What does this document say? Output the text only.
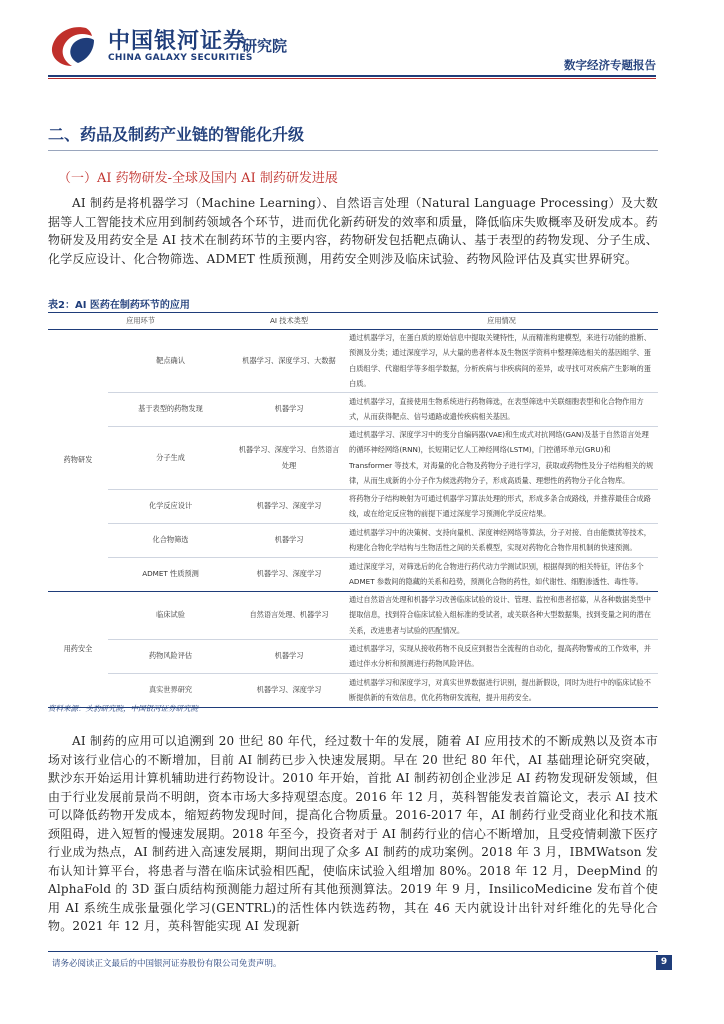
中国银河证券
CHINA GALAXY SECURITIES
研究院
数字经济专题报告
二、药品及制药产业链的智能化升级
（一）AI 药物研发-全球及国内 AI 制药研发进展
AI 制药是将机器学习（Machine Learning）、自然语言处理（Natural Language Processing）及大数据等人工智能技术应用到制药领域各个环节，进而优化新药研发的效率和质量，降低临床失败概率及研发成本。药物研发及用药安全是 AI 技术在制药环节的主要内容，药物研发包括靶点确认、基于表型的药物发现、分子生成、化学反应设计、化合物筛选、ADMET 性质预测，用药安全则涉及临床试验、药物风险评估及真实世界研究。
表2：AI 医药在制药环节的应用
应用环节		AI 技术类型	应用情况
药物研发	靶点确认	机器学习、深度学习、大数据	通过机器学习，在蛋白质的原始信息中提取关键特性，从而精准构建模型，来进行功能的推断、预测及分类；通过深度学习，从大量的患者样本及生物医学资料中整理筛选相关的基因组学、蛋白质组学、代谢组学等多组学数据，分析疾病与非疾病间的差异，或寻找可对疾病产生影响的蛋白质。
	基于表型的药物发现	机器学习	通过机器学习，直接使用生物系统进行药物筛选，在表型筛选中关联细胞表型和化合物作用方式，从而获得靶点、信号通路或遗传疾病相关基因。
	分子生成	机器学习、深度学习、自然语言处理	通过机器学习、深度学习中的变分自编码器(VAE)和生成式对抗网络(GAN)及基于自然语言处理的循环神经网络(RNN)，长短期记忆人工神经网络(LSTM)，门控循环单元(GRU)和 Transformer 等技术，对海量的化合物及药物分子进行学习，获取或药物性及分子结构相关的规律，从而生成新的小分子作为候选药物分子，形成高质量、理想性的药物分子化合物库。
	化学反应设计	机器学习、深度学习	将药物分子结构映射为可通过机器学习算法处理的形式，形成多条合成路线，并推荐最佳合成路线，或在给定反应物的前提下通过深度学习预测化学反应结果。
	化合物筛选	机器学习	通过机器学习中的决策树、支持向量机、深度神经网络等算法，分子对接、自由能微扰等技术，构建化合物化学结构与生物活性之间的关系模型，实现对药物化合物作用机制的快速预测。
	ADMET 性质预测	机器学习、深度学习	通过深度学习，对筛选后的化合物进行药代动力学测试识别，根据得到的相关特征，评估多个 ADMET 参数间的隐藏的关系和趋势，预测化合物的药性，如代谢性、细胞渗透性、毒性等。
用药安全	临床试验	自然语言处理、机器学习	通过自然语言处理和机器学习改善临床试验的设计、管理、监控和患者招募，从各种数据类型中提取信息，找到符合临床试验入组标准的受试者，或关联各种大型数据集，找到变量之间的潜在关系，改进患者与试验的匹配情况。
	药物风险评估	机器学习	通过机器学习，实现从接收药物不良反应到报告全流程的自动化，提高药物警戒的工作效率，并通过伴水分析和预测进行药物风险评估。
	真实世界研究	机器学习、深度学习	通过机器学习和深度学习，对真实世界数据进行识别，提出新假设，同时为进行中的临床试验不断提供新的有效信息，优化药物研发流程，提升用药安全。
资料来源：头豹研究院，中国银河证券研究院
AI 制药的应用可以追溯到 20 世纪 80 年代，经过数十年的发展，随着 AI 应用技术的不断成熟以及资本市场对该行业信心的不断增加，目前 AI 制药已步入快速发展期。早在 20 世纪 80 年代，AI 基础理论研究突破，默沙东开始运用计算机辅助进行药物设计。2010 年开始，首批 AI 制药初创企业涉足 AI 药物发现研发领域，但由于行业发展前景尚不明朗，资本市场大多持观望态度。2016 年 12 月，英科智能发表首篇论文，表示 AI 技术可以降低药物开发成本，缩短药物发现时间，提高化合物质量。2016-2017 年，AI 制药行业受商业化和技术瓶颈阻碍，进入短暂的慢速发展期。2018 年至今，投资者对于 AI 制药行业的信心不断增加，且受疫情刺激下医疗行业成为热点，AI 制药进入高速发展期，期间出现了众多 AI 制药的成功案例。2018 年 3 月，IBMWatson 发布认知计算平台，将患者与潜在临床试验相匹配，使临床试验入组增加 80%。2018 年 12 月，DeepMind 的 AlphaFold 的 3D 蛋白质结构预测能力超过所有其他预测算法。2019 年 9 月，InsilicoMedicine 发布首个使用 AI 系统生成张量强化学习(GENTRL)的活性体内铁选药物，其在 46 天内就设计出针对纤维化的先导化合物。2021 年 12 月，英科智能实现 AI 发现新
请务必阅读正文最后的中国银河证券股份有限公司免责声明。	9
